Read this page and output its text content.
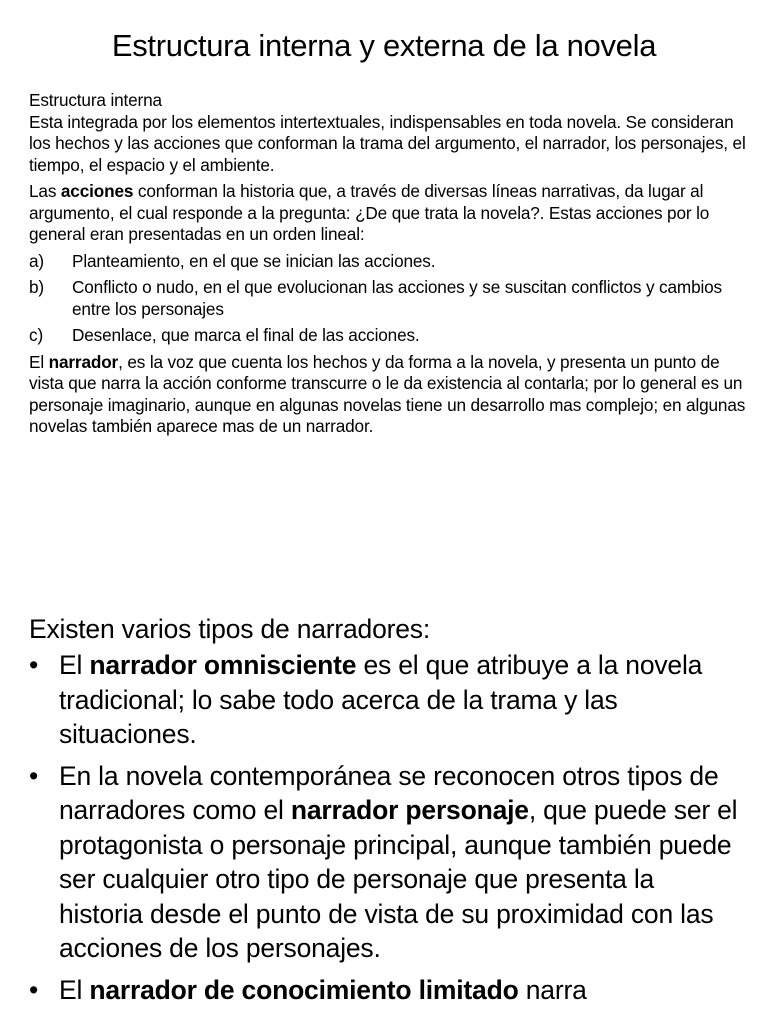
Estructura interna y externa de la novela

Estructura interna

Esta integrada por los elementos intertextuales, indispensables en toda novela. Se consideran los hechos y las acciones que conforman la trama del argumento, el narrador, los personajes, el tiempo, el espacio y el ambiente.

Las acciones conforman la historia que, a través de diversas líneas narrativas, da lugar al argumento, el cual responde a la pregunta: ¿De que trata la novela?. Estas acciones por lo general eran presentadas en un orden lineal:

a)	Planteamiento, en el que se inician las acciones.
b)	Conflicto o nudo, en el que evolucionan las acciones y se suscitan conflictos y cambios entre los personajes
c)	Desenlace, que marca el final de las acciones.

El narrador, es la voz que cuenta los hechos y da forma a la novela, y presenta un punto de vista que narra la acción conforme transcurre o le da existencia al contarla; por lo general es un personaje imaginario, aunque en algunas novelas tiene un desarrollo mas complejo; en algunas novelas también aparece mas de un narrador.

Existen varios tipos de narradores:

• El narrador omnisciente es el que atribuye a la novela tradicional; lo sabe todo acerca de la trama y las situaciones.
• En la novela contemporánea se reconocen otros tipos de narradores como el narrador personaje, que puede ser el protagonista o personaje principal, aunque también puede ser cualquier otro tipo de personaje que presenta la historia desde el punto de vista de su proximidad con las acciones de los personajes.
• El narrador de conocimiento limitado narra
